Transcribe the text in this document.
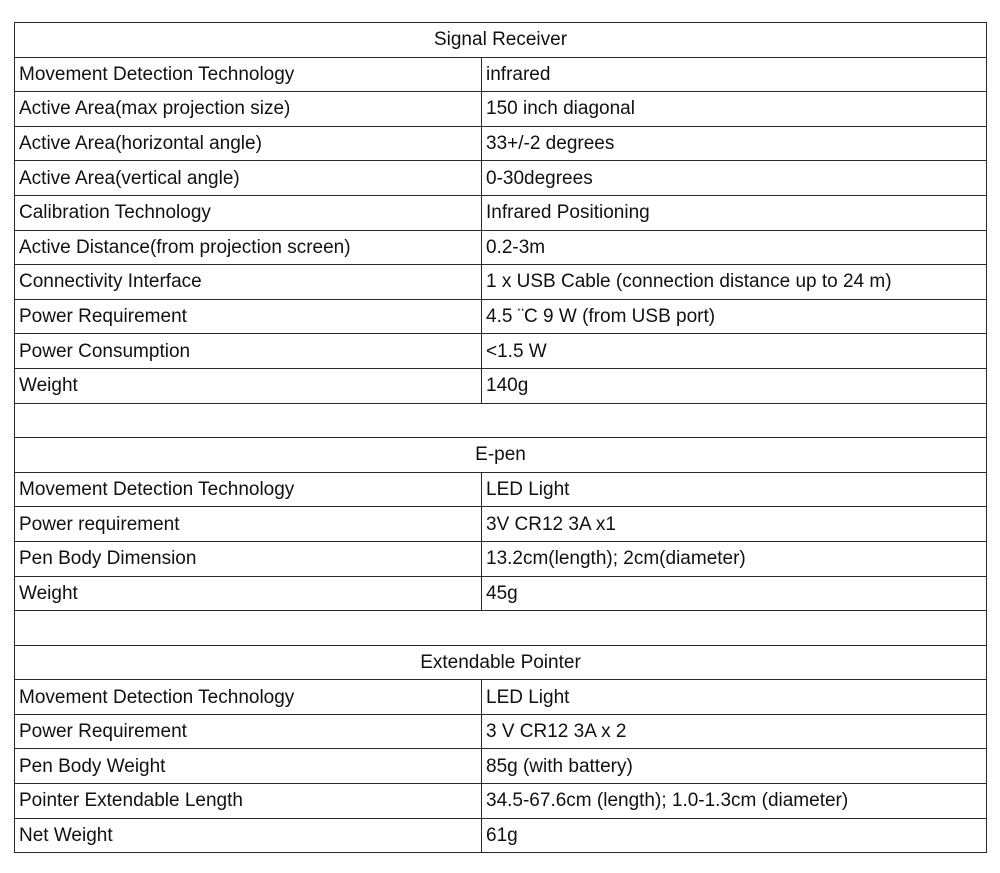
Signal Receiver	
Movement Detection Technology	infrared
Active Area(max projection size)	150 inch diagonal
Active Area(horizontal angle)	33+/-2 degrees
Active Area(vertical angle)	0-30degrees
Calibration Technology	Infrared Positioning
Active Distance(from projection screen)	0.2-3m
Connectivity Interface	1 x USB Cable (connection distance up to 24 m)
Power Requirement	4.5 ¨C 9 W (from USB port)
Power Consumption	<1.5 W
Weight	140g

E-pen	
Movement Detection Technology	LED Light
Power requirement	3V CR12 3A x1
Pen Body Dimension	13.2cm(length); 2cm(diameter)
Weight	45g

Extendable Pointer	
Movement Detection Technology	LED Light
Power Requirement	3 V CR12 3A x 2
Pen Body Weight	85g (with battery)
Pointer Extendable Length	34.5-67.6cm (length); 1.0-1.3cm (diameter)
Net Weight	61g
